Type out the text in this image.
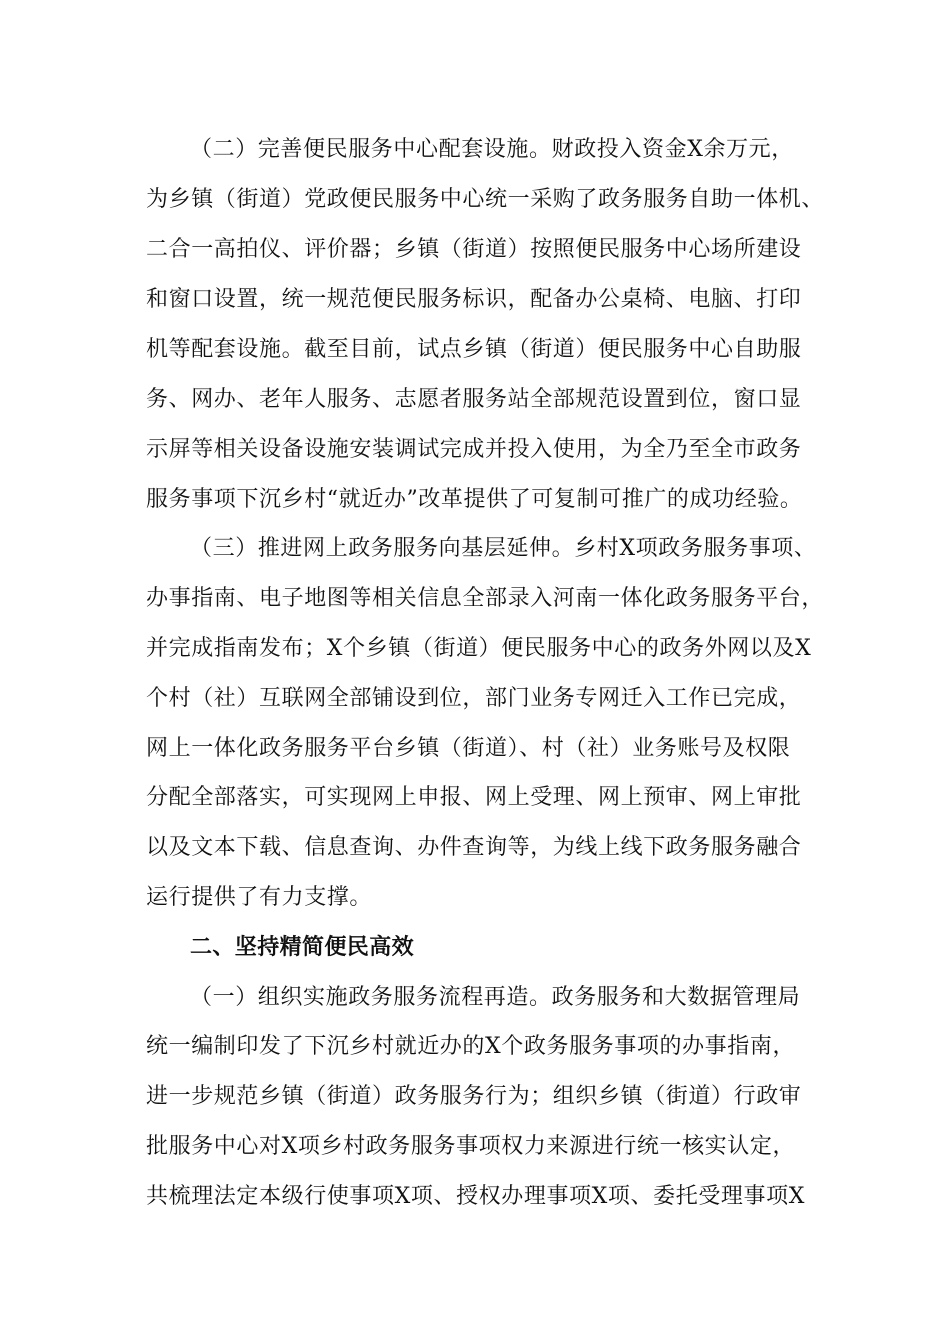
（二）完善便民服务中心配套设施。财政投入资金X余万元，
为乡镇（街道）党政便民服务中心统一采购了政务服务自助一体机、
二合一高拍仪、评价器；乡镇（街道）按照便民服务中心场所建设
和窗口设置，统一规范便民服务标识，配备办公桌椅、电脑、打印
机等配套设施。截至目前，试点乡镇（街道）便民服务中心自助服
务、网办、老年人服务、志愿者服务站全部规范设置到位，窗口显
示屏等相关设备设施安装调试完成并投入使用，为全乃至全市政务
服务事项下沉乡村“就近办”改革提供了可复制可推广的成功经验。
（三）推进网上政务服务向基层延伸。乡村X项政务服务事项、
办事指南、电子地图等相关信息全部录入河南一体化政务服务平台，
并完成指南发布；X个乡镇（街道）便民服务中心的政务外网以及X
个村（社）互联网全部铺设到位，部门业务专网迁入工作已完成，
网上一体化政务服务平台乡镇（街道）、村（社）业务账号及权限
分配全部落实，可实现网上申报、网上受理、网上预审、网上审批
以及文本下载、信息查询、办件查询等，为线上线下政务服务融合
运行提供了有力支撑。
二、坚持精简便民高效
（一）组织实施政务服务流程再造。政务服务和大数据管理局
统一编制印发了下沉乡村就近办的X个政务服务事项的办事指南，
进一步规范乡镇（街道）政务服务行为；组织乡镇（街道）行政审
批服务中心对X项乡村政务服务事项权力来源进行统一核实认定，
共梳理法定本级行使事项X项、授权办理事项X项、委托受理事项X
